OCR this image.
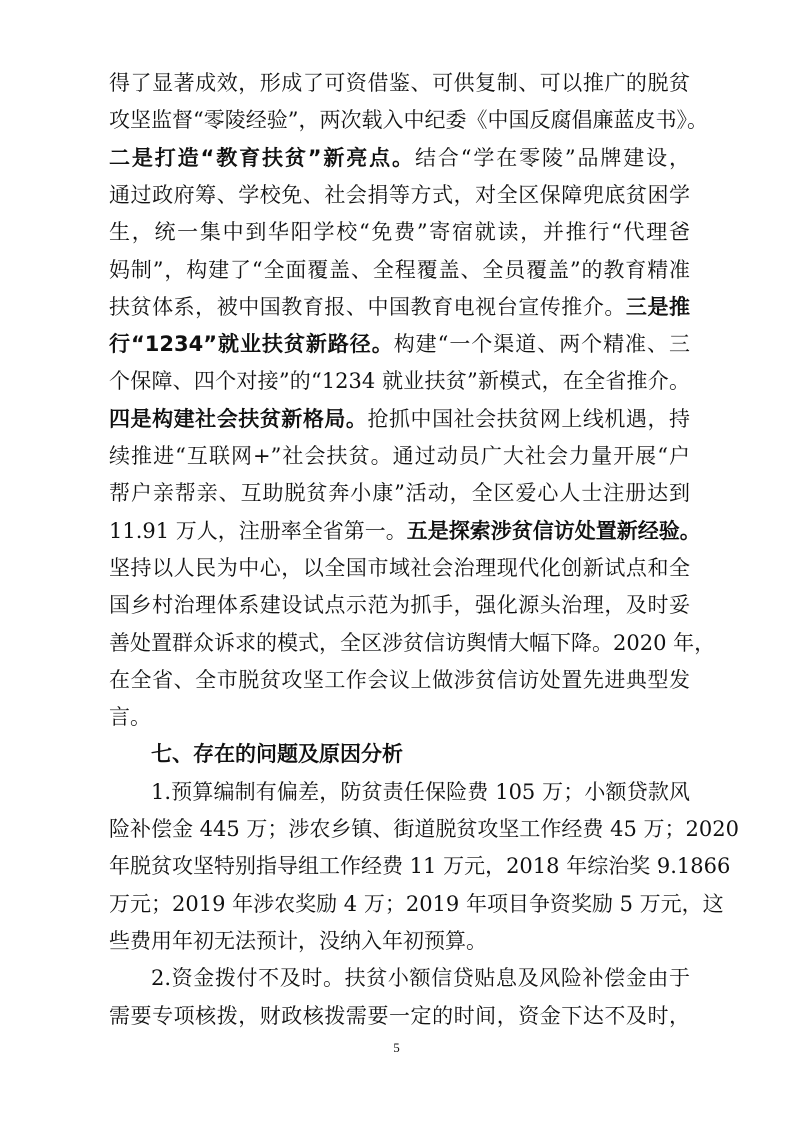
得了显著成效，形成了可资借鉴、可供复制、可以推广的脱贫
攻坚监督“零陵经验”，两次载入中纪委《中国反腐倡廉蓝皮书》。
二是打造“教育扶贫”新亮点。结合“学在零陵”品牌建设，
通过政府筹、学校免、社会捐等方式，对全区保障兜底贫困学
生，统一集中到华阳学校“免费”寄宿就读，并推行“代理爸
妈制”，构建了“全面覆盖、全程覆盖、全员覆盖”的教育精准
扶贫体系，被中国教育报、中国教育电视台宣传推介。三是推
行“1234”就业扶贫新路径。构建“一个渠道、两个精准、三
个保障、四个对接”的“1234 就业扶贫”新模式，在全省推介。
四是构建社会扶贫新格局。抢抓中国社会扶贫网上线机遇，持
续推进“互联网+”社会扶贫。通过动员广大社会力量开展“户
帮户亲帮亲、互助脱贫奔小康”活动，全区爱心人士注册达到
11.91 万人，注册率全省第一。五是探索涉贫信访处置新经验。
坚持以人民为中心，以全国市域社会治理现代化创新试点和全
国乡村治理体系建设试点示范为抓手，强化源头治理，及时妥
善处置群众诉求的模式，全区涉贫信访舆情大幅下降。2020 年，
在全省、全市脱贫攻坚工作会议上做涉贫信访处置先进典型发
言。
七、存在的问题及原因分析
1.预算编制有偏差，防贫责任保险费 105 万；小额贷款风
险补偿金 445 万；涉农乡镇、街道脱贫攻坚工作经费 45 万；2020
年脱贫攻坚特别指导组工作经费 11 万元，2018 年综治奖 9.1866
万元；2019 年涉农奖励 4 万；2019 年项目争资奖励 5 万元，这
些费用年初无法预计，没纳入年初预算。
2.资金拨付不及时。扶贫小额信贷贴息及风险补偿金由于
需要专项核拨，财政核拨需要一定的时间，资金下达不及时，
5
